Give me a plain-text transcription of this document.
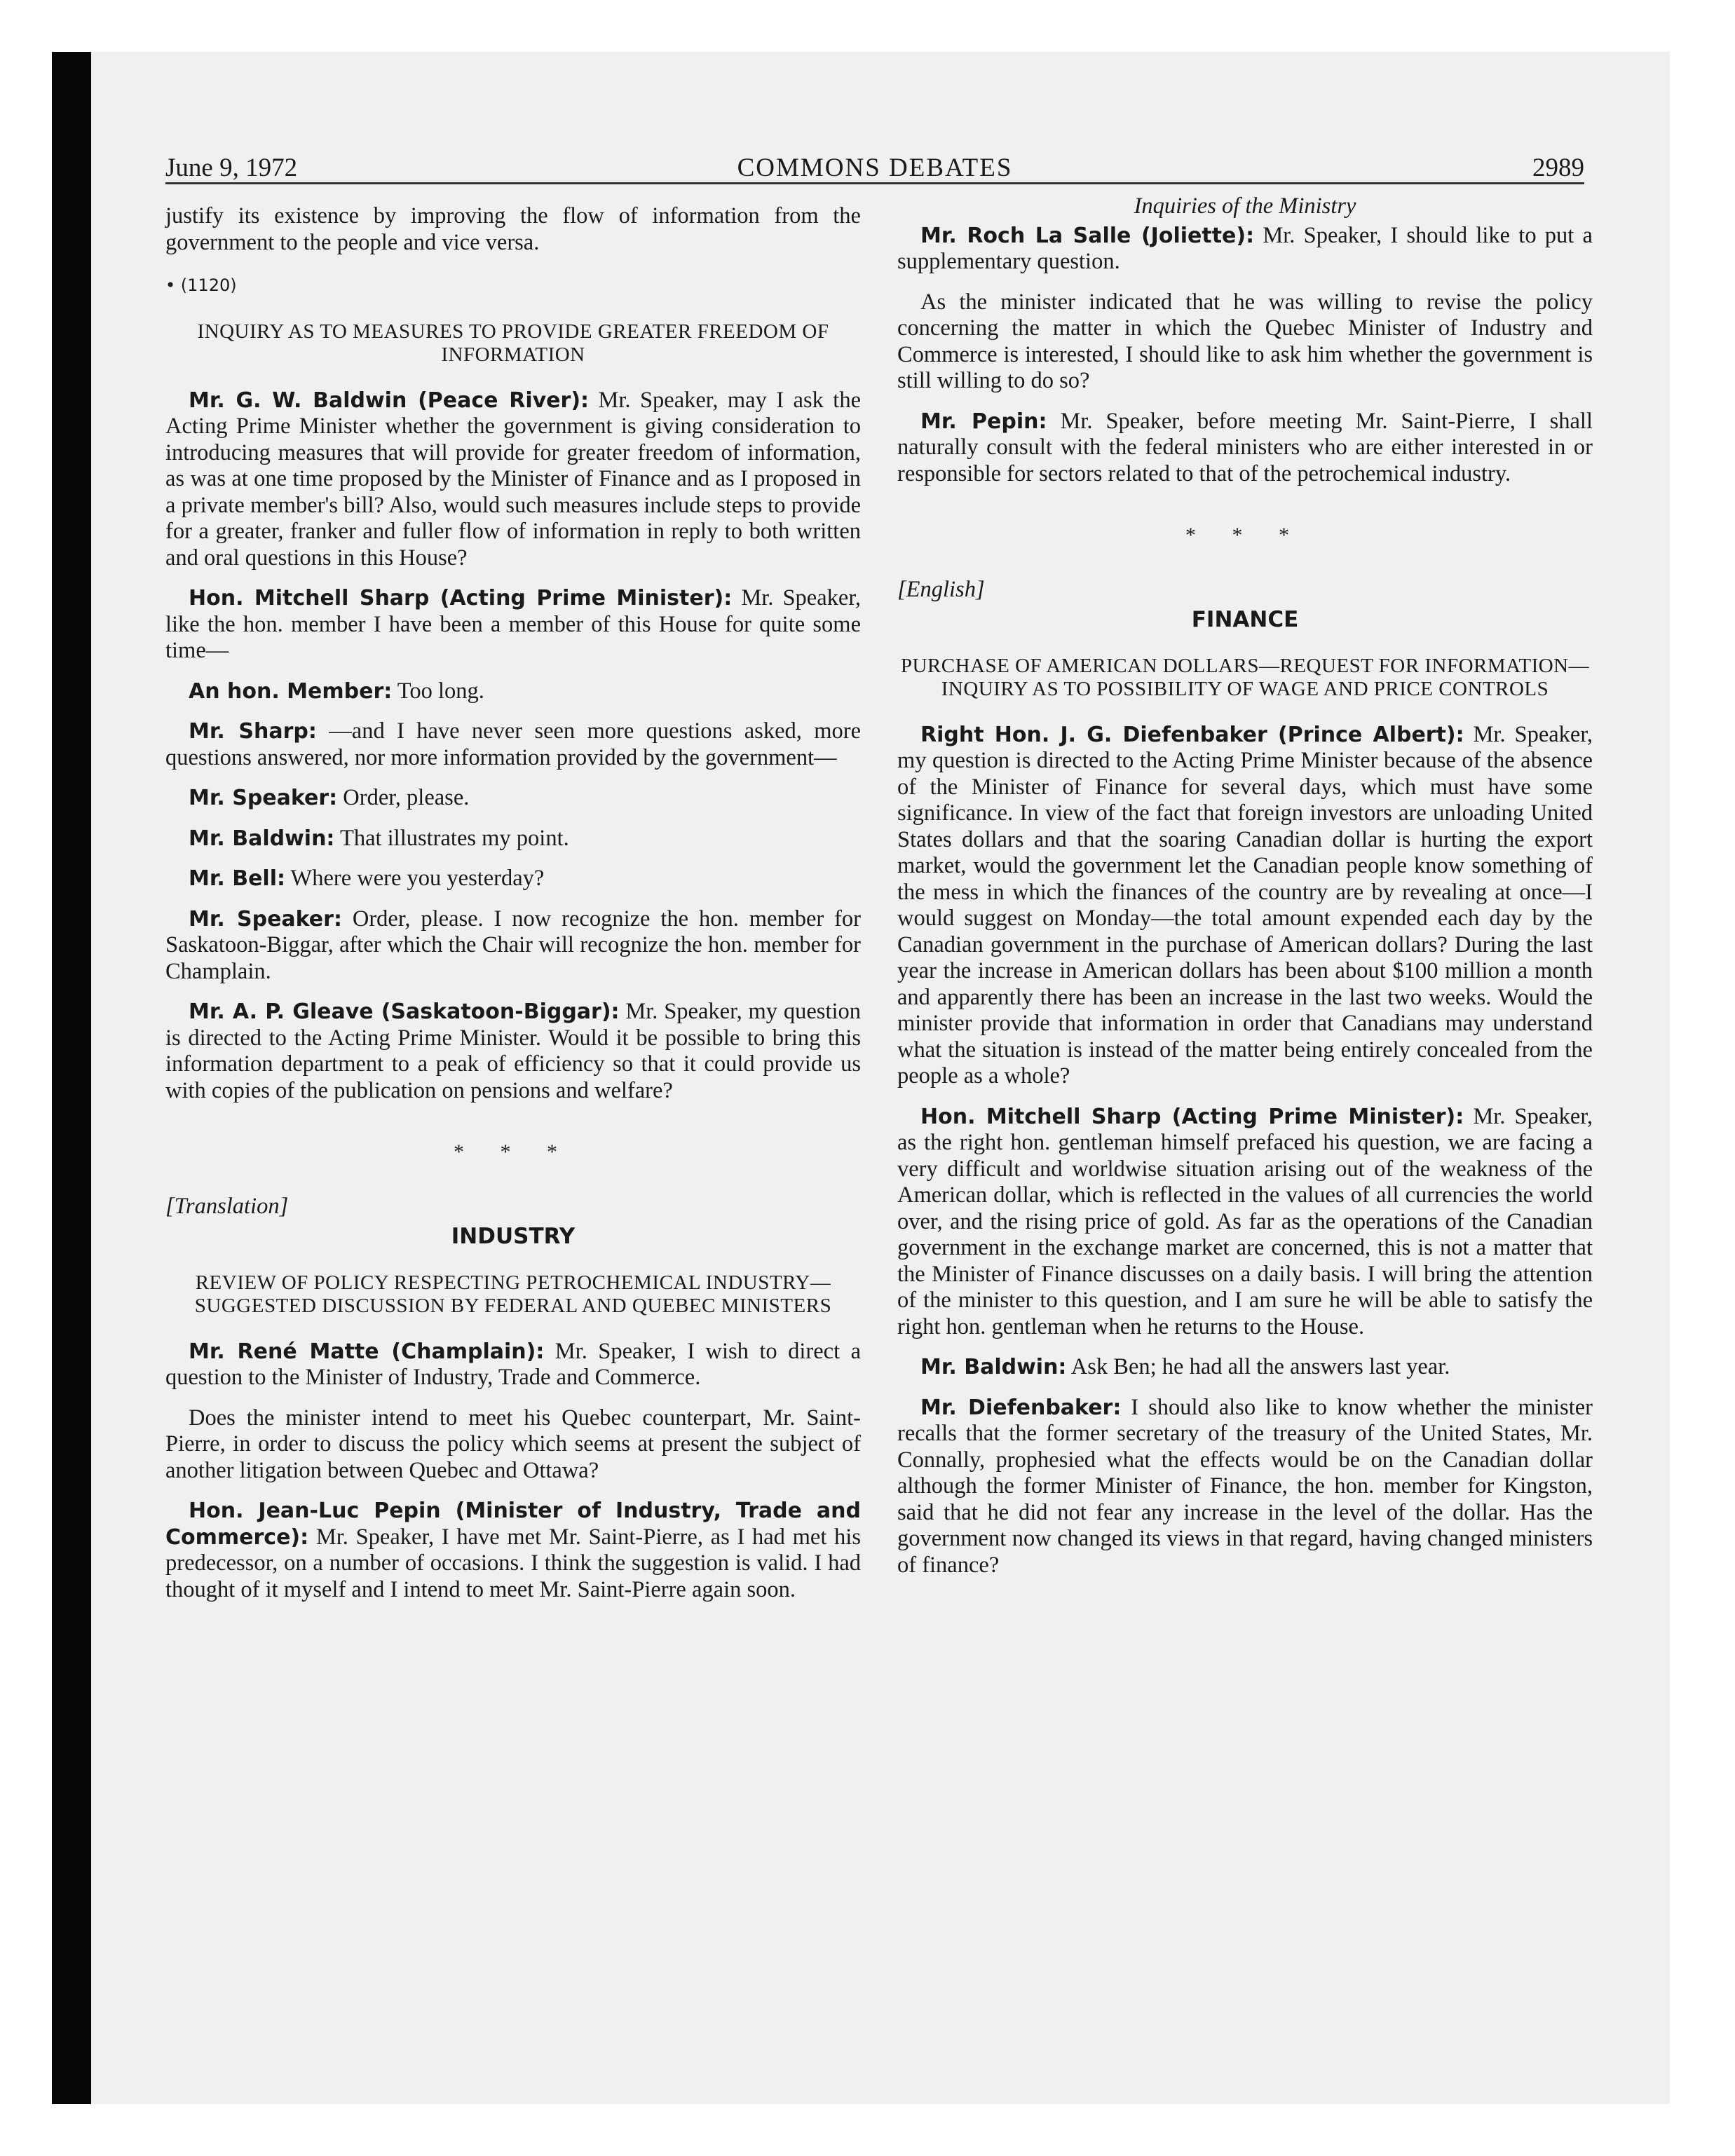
June 9, 1972	COMMONS DEBATES	2989

justify its existence by improving the flow of information from the government to the people and vice versa.

• (1120)
INQUIRY AS TO MEASURES TO PROVIDE GREATER FREEDOM OF INFORMATION

Mr. G. W. Baldwin (Peace River): Mr. Speaker, may I ask the Acting Prime Minister whether the government is giving consideration to introducing measures that will provide for greater freedom of information, as was at one time proposed by the Minister of Finance and as I proposed in a private member's bill? Also, would such measures include steps to provide for a greater, franker and fuller flow of information in reply to both written and oral questions in this House?

Hon. Mitchell Sharp (Acting Prime Minister): Mr. Speaker, like the hon. member I have been a member of this House for quite some time—

An hon. Member: Too long.

Mr. Sharp: —and I have never seen more questions asked, more questions answered, nor more information provided by the government—

Mr. Speaker: Order, please.

Mr. Baldwin: That illustrates my point.

Mr. Bell: Where were you yesterday?

Mr. Speaker: Order, please. I now recognize the hon. member for Saskatoon-Biggar, after which the Chair will recognize the hon. member for Champlain.

Mr. A. P. Gleave (Saskatoon-Biggar): Mr. Speaker, my question is directed to the Acting Prime Minister. Would it be possible to bring this information department to a peak of efficiency so that it could provide us with copies of the publication on pensions and welfare?

* * *

[Translation]

INDUSTRY
REVIEW OF POLICY RESPECTING PETROCHEMICAL INDUSTRY—SUGGESTED DISCUSSION BY FEDERAL AND QUEBEC MINISTERS

Mr. René Matte (Champlain): Mr. Speaker, I wish to direct a question to the Minister of Industry, Trade and Commerce.

Does the minister intend to meet his Quebec counterpart, Mr. Saint-Pierre, in order to discuss the policy which seems at present the subject of another litigation between Quebec and Ottawa?

Hon. Jean-Luc Pepin (Minister of Industry, Trade and Commerce): Mr. Speaker, I have met Mr. Saint-Pierre, as I had met his predecessor, on a number of occasions. I think the suggestion is valid. I had thought of it myself and I intend to meet Mr. Saint-Pierre again soon.

Inquiries of the Ministry

Mr. Roch La Salle (Joliette): Mr. Speaker, I should like to put a supplementary question.

As the minister indicated that he was willing to revise the policy concerning the matter in which the Quebec Minister of Industry and Commerce is interested, I should like to ask him whether the government is still willing to do so?

Mr. Pepin: Mr. Speaker, before meeting Mr. Saint-Pierre, I shall naturally consult with the federal ministers who are either interested in or responsible for sectors related to that of the petrochemical industry.

* * *

[English]

FINANCE
PURCHASE OF AMERICAN DOLLARS—REQUEST FOR INFORMATION—INQUIRY AS TO POSSIBILITY OF WAGE AND PRICE CONTROLS

Right Hon. J. G. Diefenbaker (Prince Albert): Mr. Speaker, my question is directed to the Acting Prime Minister because of the absence of the Minister of Finance for several days, which must have some significance. In view of the fact that foreign investors are unloading United States dollars and that the soaring Canadian dollar is hurting the export market, would the government let the Canadian people know something of the mess in which the finances of the country are by revealing at once—I would suggest on Monday—the total amount expended each day by the Canadian government in the purchase of American dollars? During the last year the increase in American dollars has been about $100 million a month and apparently there has been an increase in the last two weeks. Would the minister provide that information in order that Canadians may understand what the situation is instead of the matter being entirely concealed from the people as a whole?

Hon. Mitchell Sharp (Acting Prime Minister): Mr. Speaker, as the right hon. gentleman himself prefaced his question, we are facing a very difficult and worldwise situation arising out of the weakness of the American dollar, which is reflected in the values of all currencies the world over, and the rising price of gold. As far as the operations of the Canadian government in the exchange market are concerned, this is not a matter that the Minister of Finance discusses on a daily basis. I will bring the attention of the minister to this question, and I am sure he will be able to satisfy the right hon. gentleman when he returns to the House.

Mr. Baldwin: Ask Ben; he had all the answers last year.

Mr. Diefenbaker: I should also like to know whether the minister recalls that the former secretary of the treasury of the United States, Mr. Connally, prophesied what the effects would be on the Canadian dollar although the former Minister of Finance, the hon. member for Kingston, said that he did not fear any increase in the level of the dollar. Has the government now changed its views in that regard, having changed ministers of finance?
